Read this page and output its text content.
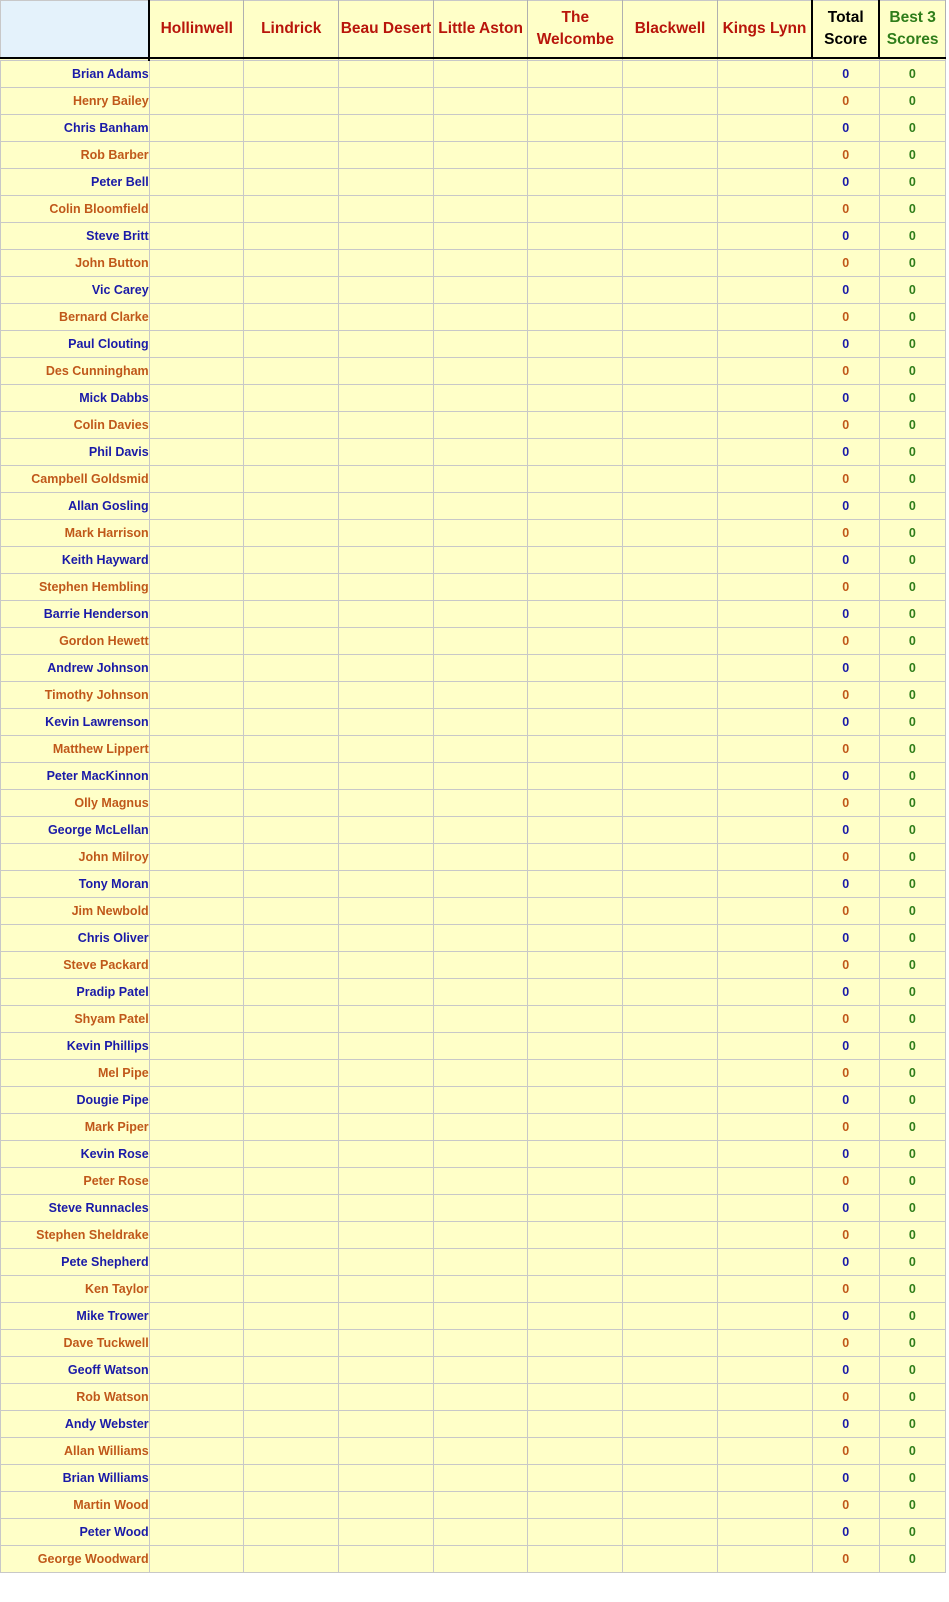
	Hollinwell	Lindrick	Beau Desert	Little Aston	The Welcombe	Blackwell	Kings Lynn	Total Score	Best 3 Scores

Brian Adams								0	0
Henry Bailey								0	0
Chris Banham								0	0
Rob Barber								0	0
Peter Bell								0	0
Colin Bloomfield								0	0
Steve Britt								0	0
John Button								0	0
Vic Carey								0	0
Bernard Clarke								0	0
Paul Clouting								0	0
Des Cunningham								0	0
Mick Dabbs								0	0
Colin Davies								0	0
Phil Davis								0	0
Campbell Goldsmid								0	0
Allan Gosling								0	0
Mark Harrison								0	0
Keith Hayward								0	0
Stephen Hembling								0	0
Barrie Henderson								0	0
Gordon Hewett								0	0
Andrew Johnson								0	0
Timothy Johnson								0	0
Kevin Lawrenson								0	0
Matthew Lippert								0	0
Peter MacKinnon								0	0
Olly Magnus								0	0
George McLellan								0	0
John Milroy								0	0
Tony Moran								0	0
Jim Newbold								0	0
Chris Oliver								0	0
Steve Packard								0	0
Pradip Patel								0	0
Shyam Patel								0	0
Kevin Phillips								0	0
Mel Pipe								0	0
Dougie Pipe								0	0
Mark Piper								0	0
Kevin Rose								0	0
Peter Rose								0	0
Steve Runnacles								0	0
Stephen Sheldrake								0	0
Pete Shepherd								0	0
Ken Taylor								0	0
Mike Trower								0	0
Dave Tuckwell								0	0
Geoff Watson								0	0
Rob Watson								0	0
Andy Webster								0	0
Allan Williams								0	0
Brian Williams								0	0
Martin Wood								0	0
Peter Wood								0	0
George Woodward								0	0
